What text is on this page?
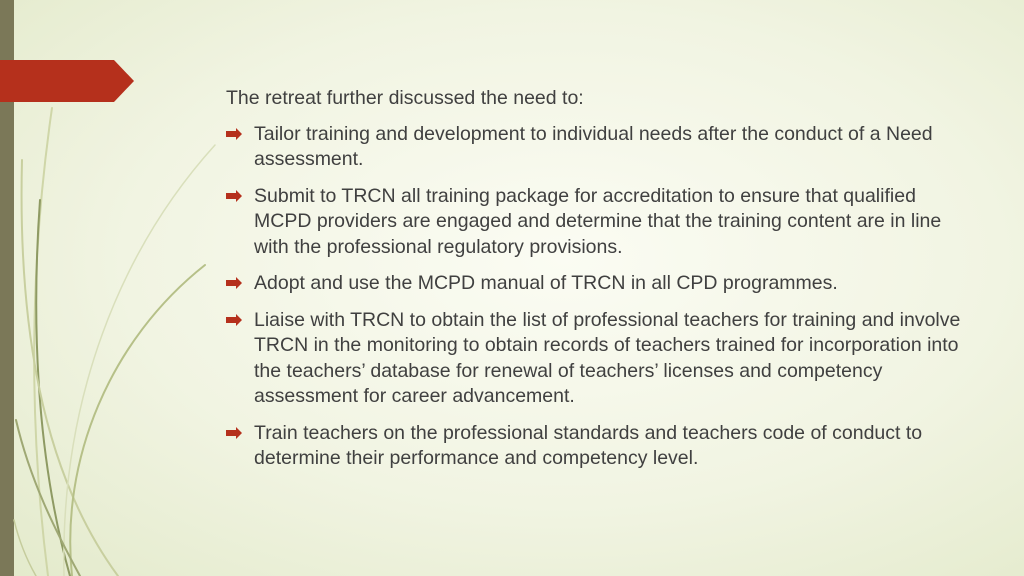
The retreat further discussed the need to:

Tailor training and development to individual needs after the conduct of a Need assessment.
Submit to TRCN all training package for accreditation to ensure that qualified MCPD providers are engaged and determine that the training content are in line with the professional regulatory provisions.
Adopt and use the MCPD manual of TRCN in all CPD programmes.
Liaise with TRCN to obtain the list of professional teachers for training and involve TRCN in the monitoring to obtain records of teachers trained for incorporation into the teachers’ database for renewal of teachers’ licenses and competency assessment for career advancement.
Train teachers on the professional standards and teachers code of conduct to determine their performance and competency level.
